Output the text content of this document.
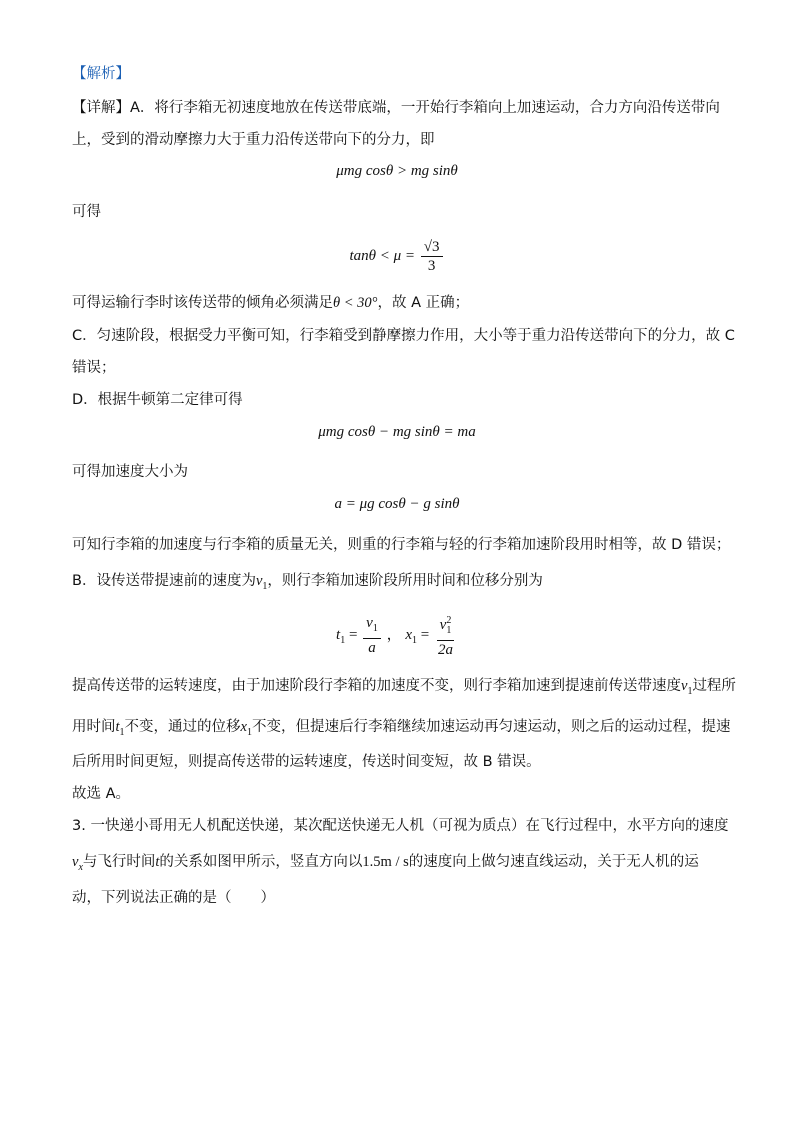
【解析】
【详解】A．将行李箱无初速度地放在传送带底端，一开始行李箱向上加速运动，合力方向沿传送带向
上，受到的滑动摩擦力大于重力沿传送带向下的分力，即
μmg cosθ > mg sinθ
可得
$\tan\theta < \mu = \frac{√3}{3}$
可得运输行李时该传送带的倾角必须满足θ < 30°，故 A 正确；
C．匀速阶段，根据受力平衡可知，行李箱受到静摩擦力作用，大小等于重力沿传送带向下的分力，故 C
错误；
D．根据牛顿第二定律可得
μmg cosθ − mg sinθ = ma
可得加速度大小为
a = μg cosθ − g sinθ
可知行李箱的加速度与行李箱的质量无关，则重的行李箱与轻的行李箱加速阶段用时相等，故 D 错误；
B．设传送带提速前的速度为$v_1$，则行李箱加速阶段所用时间和位移分别为
$t_1 = \frac{v_1}{a}$ ， $x_1 = \frac{v^2_1}{2a}$
提高传送带的运转速度，由于加速阶段行李箱的加速度不变，则行李箱加速到提速前传送带速度$v_1$过程所
用时间$t_1$不变，通过的位移$x_1$不变，但提速后行李箱继续加速运动再匀速运动，则之后的运动过程，提速
后所用时间更短，则提高传送带的运转速度，传送时间变短，故 B 错误。
故选 A。
3. 一快递小哥用无人机配送快递，某次配送快递无人机（可视为质点）在飞行过程中，水平方向的速度
$v_x$与飞行时间t的关系如图甲所示，竖直方向以1.5m / s的速度向上做匀速直线运动，关于无人机的运
动，下列说法正确的是（　　）
